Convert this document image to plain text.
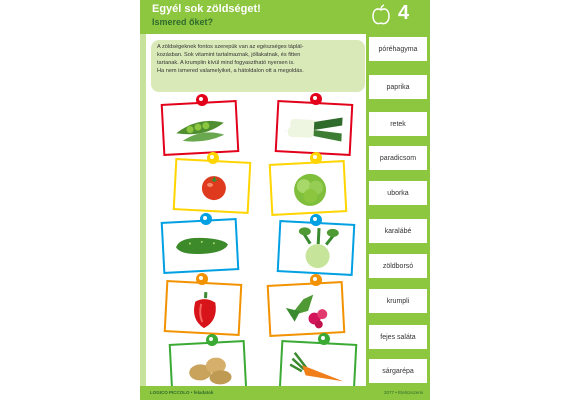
Egyél sok zöldséget!
Ismered őket?	4
A zöldségeknek fontos szerepük van az egészséges táplál-
kozásban. Sok vitamint tartalmaznak, jóllakatnak, és fitten
tartanak. A krumplin kívül mind fogyasztható nyersen is.
Ha nem ismered valamelyiket, a hátoldalon ott a megoldás.
póréhagyma
paprika
retek
paradicsom
uborka
karalábé
zöldborsó
krumpli
fejes saláta
sárgarépa
LOGICO PICCOLO • feladatok	2077 • Ételsziszemi
